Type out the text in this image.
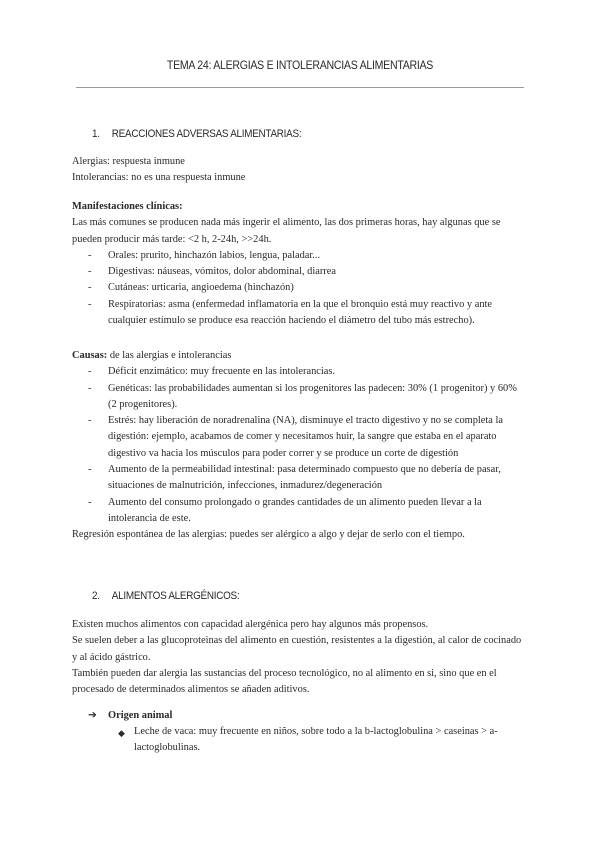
TEMA 24: ALERGIAS E INTOLERANCIAS ALIMENTARIAS
1. REACCIONES ADVERSAS ALIMENTARIAS:

Alergias: respuesta inmune

Intolerancias: no es una respuesta inmune

Manifestaciones clínicas:

Las más comunes se producen nada más ingerir el alimento, las dos primeras horas, hay algunas que se pueden producir más tarde: <2 h, 2-24h, >>24h.

- Orales: prurito, hinchazón labios, lengua, paladar...
- Digestivas: náuseas, vómitos, dolor abdominal, diarrea
- Cutáneas: urticaria, angioedema (hinchazón)
- Respiratorias: asma (enfermedad inflamatoria en la que el bronquio está muy reactivo y ante cualquier estímulo se produce esa reacción haciendo el diámetro del tubo más estrecho).

Causas: de las alergias e intolerancias

- Déficit enzimático: muy frecuente en las intolerancias.
- Genéticas: las probabilidades aumentan si los progenitores las padecen: 30% (1 progenitor) y 60% (2 progenitores).
- Estrés: hay liberación de noradrenalina (NA), disminuye el tracto digestivo y no se completa la digestión: ejemplo, acabamos de comer y necesitamos huir, la sangre que estaba en el aparato digestivo va hacia los músculos para poder correr y se produce un corte de digestión
- Aumento de la permeabilidad intestinal: pasa determinado compuesto que no debería de pasar, situaciones de malnutrición, infecciones, inmadurez/degeneración
- Aumento del consumo prolongado o grandes cantidades de un alimento pueden llevar a la intolerancia de este.

Regresión espontánea de las alergias: puedes ser alérgico a algo y dejar de serlo con el tiempo.

2. ALIMENTOS ALERGÉNICOS:

Existen muchos alimentos con capacidad alergénica pero hay algunos más propensos.

Se suelen deber a las glucoproteinas del alimento en cuestión, resistentes a la digestión, al calor de cocinado y al ácido gástrico.

También pueden dar alergia las sustancias del proceso tecnológico, no al alimento en si, sino que en el procesado de determinados alimentos se añaden aditivos.

➔ Origen animal
◆ Leche de vaca: muy frecuente en niños, sobre todo a la b-lactoglobulina > caseinas > a-lactoglobulinas.
